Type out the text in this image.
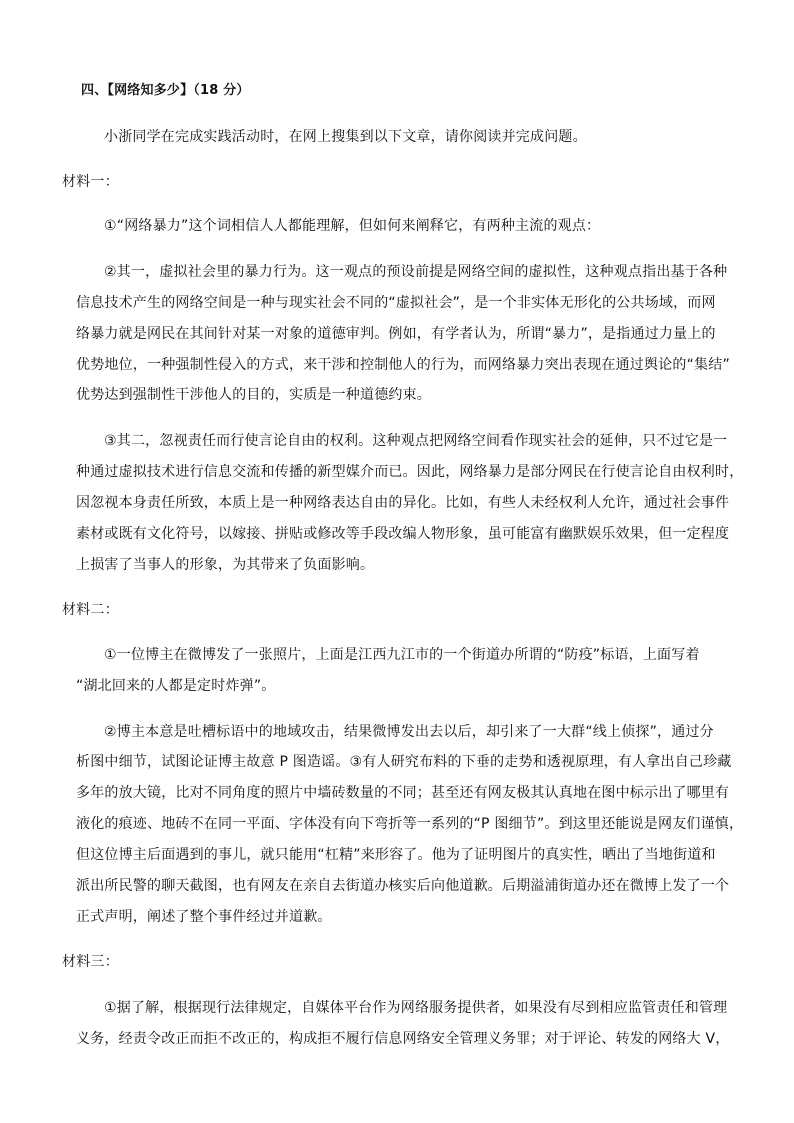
四、【网络知多少】（18 分）
小浙同学在完成实践活动时，在网上搜集到以下文章，请你阅读并完成问题。
材料一：
①“网络暴力”这个词相信人人都能理解，但如何来阐释它，有两种主流的观点：
②其一，虚拟社会里的暴力行为。这一观点的预设前提是网络空间的虚拟性，这种观点指出基于各种
信息技术产生的网络空间是一种与现实社会不同的“虚拟社会”，是一个非实体无形化的公共场域，而网
络暴力就是网民在其间针对某一对象的道德审判。例如，有学者认为，所谓“暴力”，是指通过力量上的
优势地位，一种强制性侵入的方式，来干涉和控制他人的行为，而网络暴力突出表现在通过舆论的“集结”
优势达到强制性干涉他人的目的，实质是一种道德约束。
③其二，忽视责任而行使言论自由的权利。这种观点把网络空间看作现实社会的延伸，只不过它是一
种通过虚拟技术进行信息交流和传播的新型媒介而已。因此，网络暴力是部分网民在行使言论自由权利时，
因忽视本身责任所致，本质上是一种网络表达自由的异化。比如，有些人未经权利人允许，通过社会事件
素材或既有文化符号，以嫁接、拼贴或修改等手段改编人物形象，虽可能富有幽默娱乐效果，但一定程度
上损害了当事人的形象，为其带来了负面影响。
材料二：
①一位博主在微博发了一张照片，上面是江西九江市的一个街道办所谓的“防疫”标语，上面写着
“湖北回来的人都是定时炸弹”。
②博主本意是吐槽标语中的地域攻击，结果微博发出去以后，却引来了一大群“线上侦探”，通过分
析图中细节，试图论证博主故意 P 图造谣。③有人研究布料的下垂的走势和透视原理，有人拿出自己珍藏
多年的放大镜，比对不同角度的照片中墙砖数量的不同；甚至还有网友极其认真地在图中标示出了哪里有
液化的痕迹、地砖不在同一平面、字体没有向下弯折等一系列的“P 图细节”。到这里还能说是网友们谨慎，
但这位博主后面遇到的事儿，就只能用“杠精”来形容了。他为了证明图片的真实性，晒出了当地街道和
派出所民警的聊天截图，也有网友在亲自去街道办核实后向他道歉。后期溢浦街道办还在微博上发了一个
正式声明，阐述了整个事件经过并道歉。
材料三：
①据了解，根据现行法律规定，自媒体平台作为网络服务提供者，如果没有尽到相应监管责任和管理
义务，经责令改正而拒不改正的，构成拒不履行信息网络安全管理义务罪；对于评论、转发的网络大 V，
